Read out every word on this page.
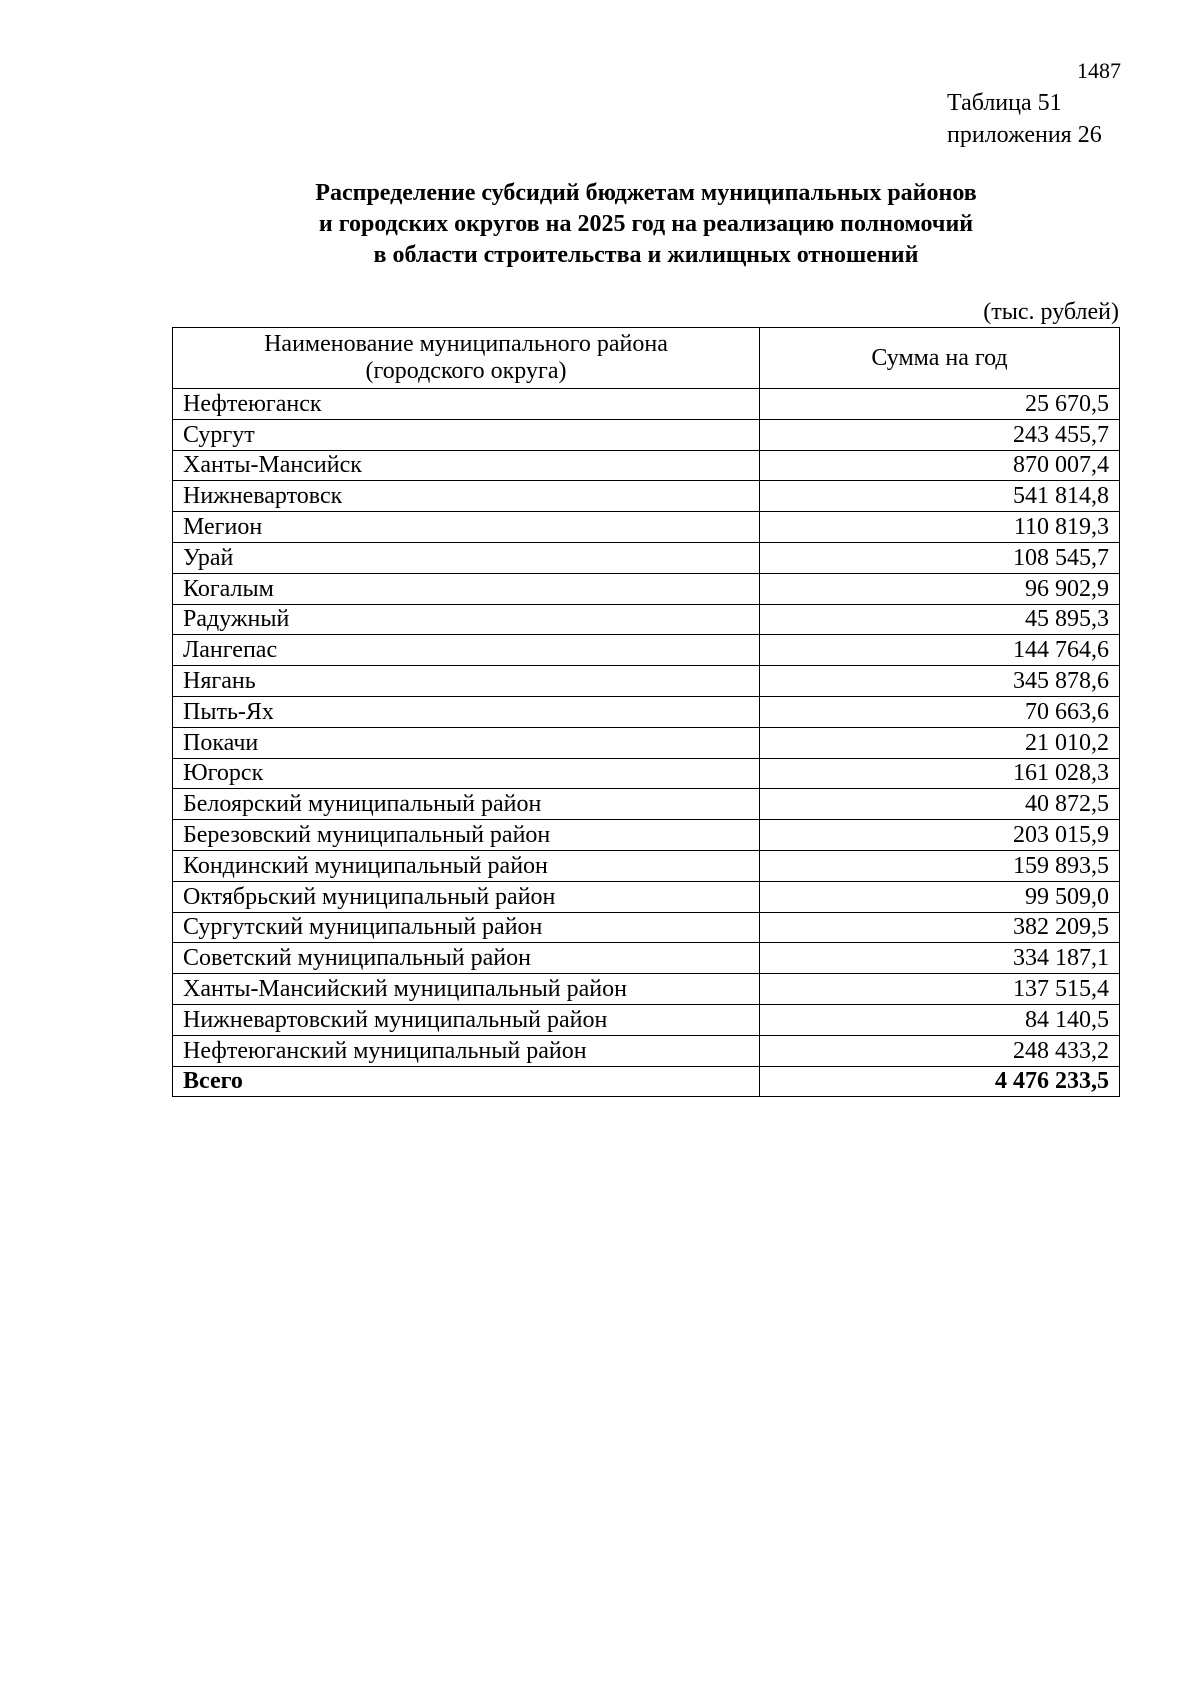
1487
Таблица 51
приложения 26
Распределение субсидий бюджетам муниципальных районов
и городских округов на 2025 год на реализацию полномочий
в области строительства и жилищных отношений
(тыс. рублей)
Наименование муниципального района
(городского округа)	Сумма на год
Нефтеюганск	25 670,5
Сургут	243 455,7
Ханты-Мансийск	870 007,4
Нижневартовск	541 814,8
Мегион	110 819,3
Урай	108 545,7
Когалым	96 902,9
Радужный	45 895,3
Лангепас	144 764,6
Нягань	345 878,6
Пыть-Ях	70 663,6
Покачи	21 010,2
Югорск	161 028,3
Белоярский муниципальный район	40 872,5
Березовский муниципальный район	203 015,9
Кондинский муниципальный район	159 893,5
Октябрьский муниципальный район	99 509,0
Сургутский муниципальный район	382 209,5
Советский муниципальный район	334 187,1
Ханты-Мансийский муниципальный район	137 515,4
Нижневартовский муниципальный район	84 140,5
Нефтеюганский муниципальный район	248 433,2
Всего	4 476 233,5
